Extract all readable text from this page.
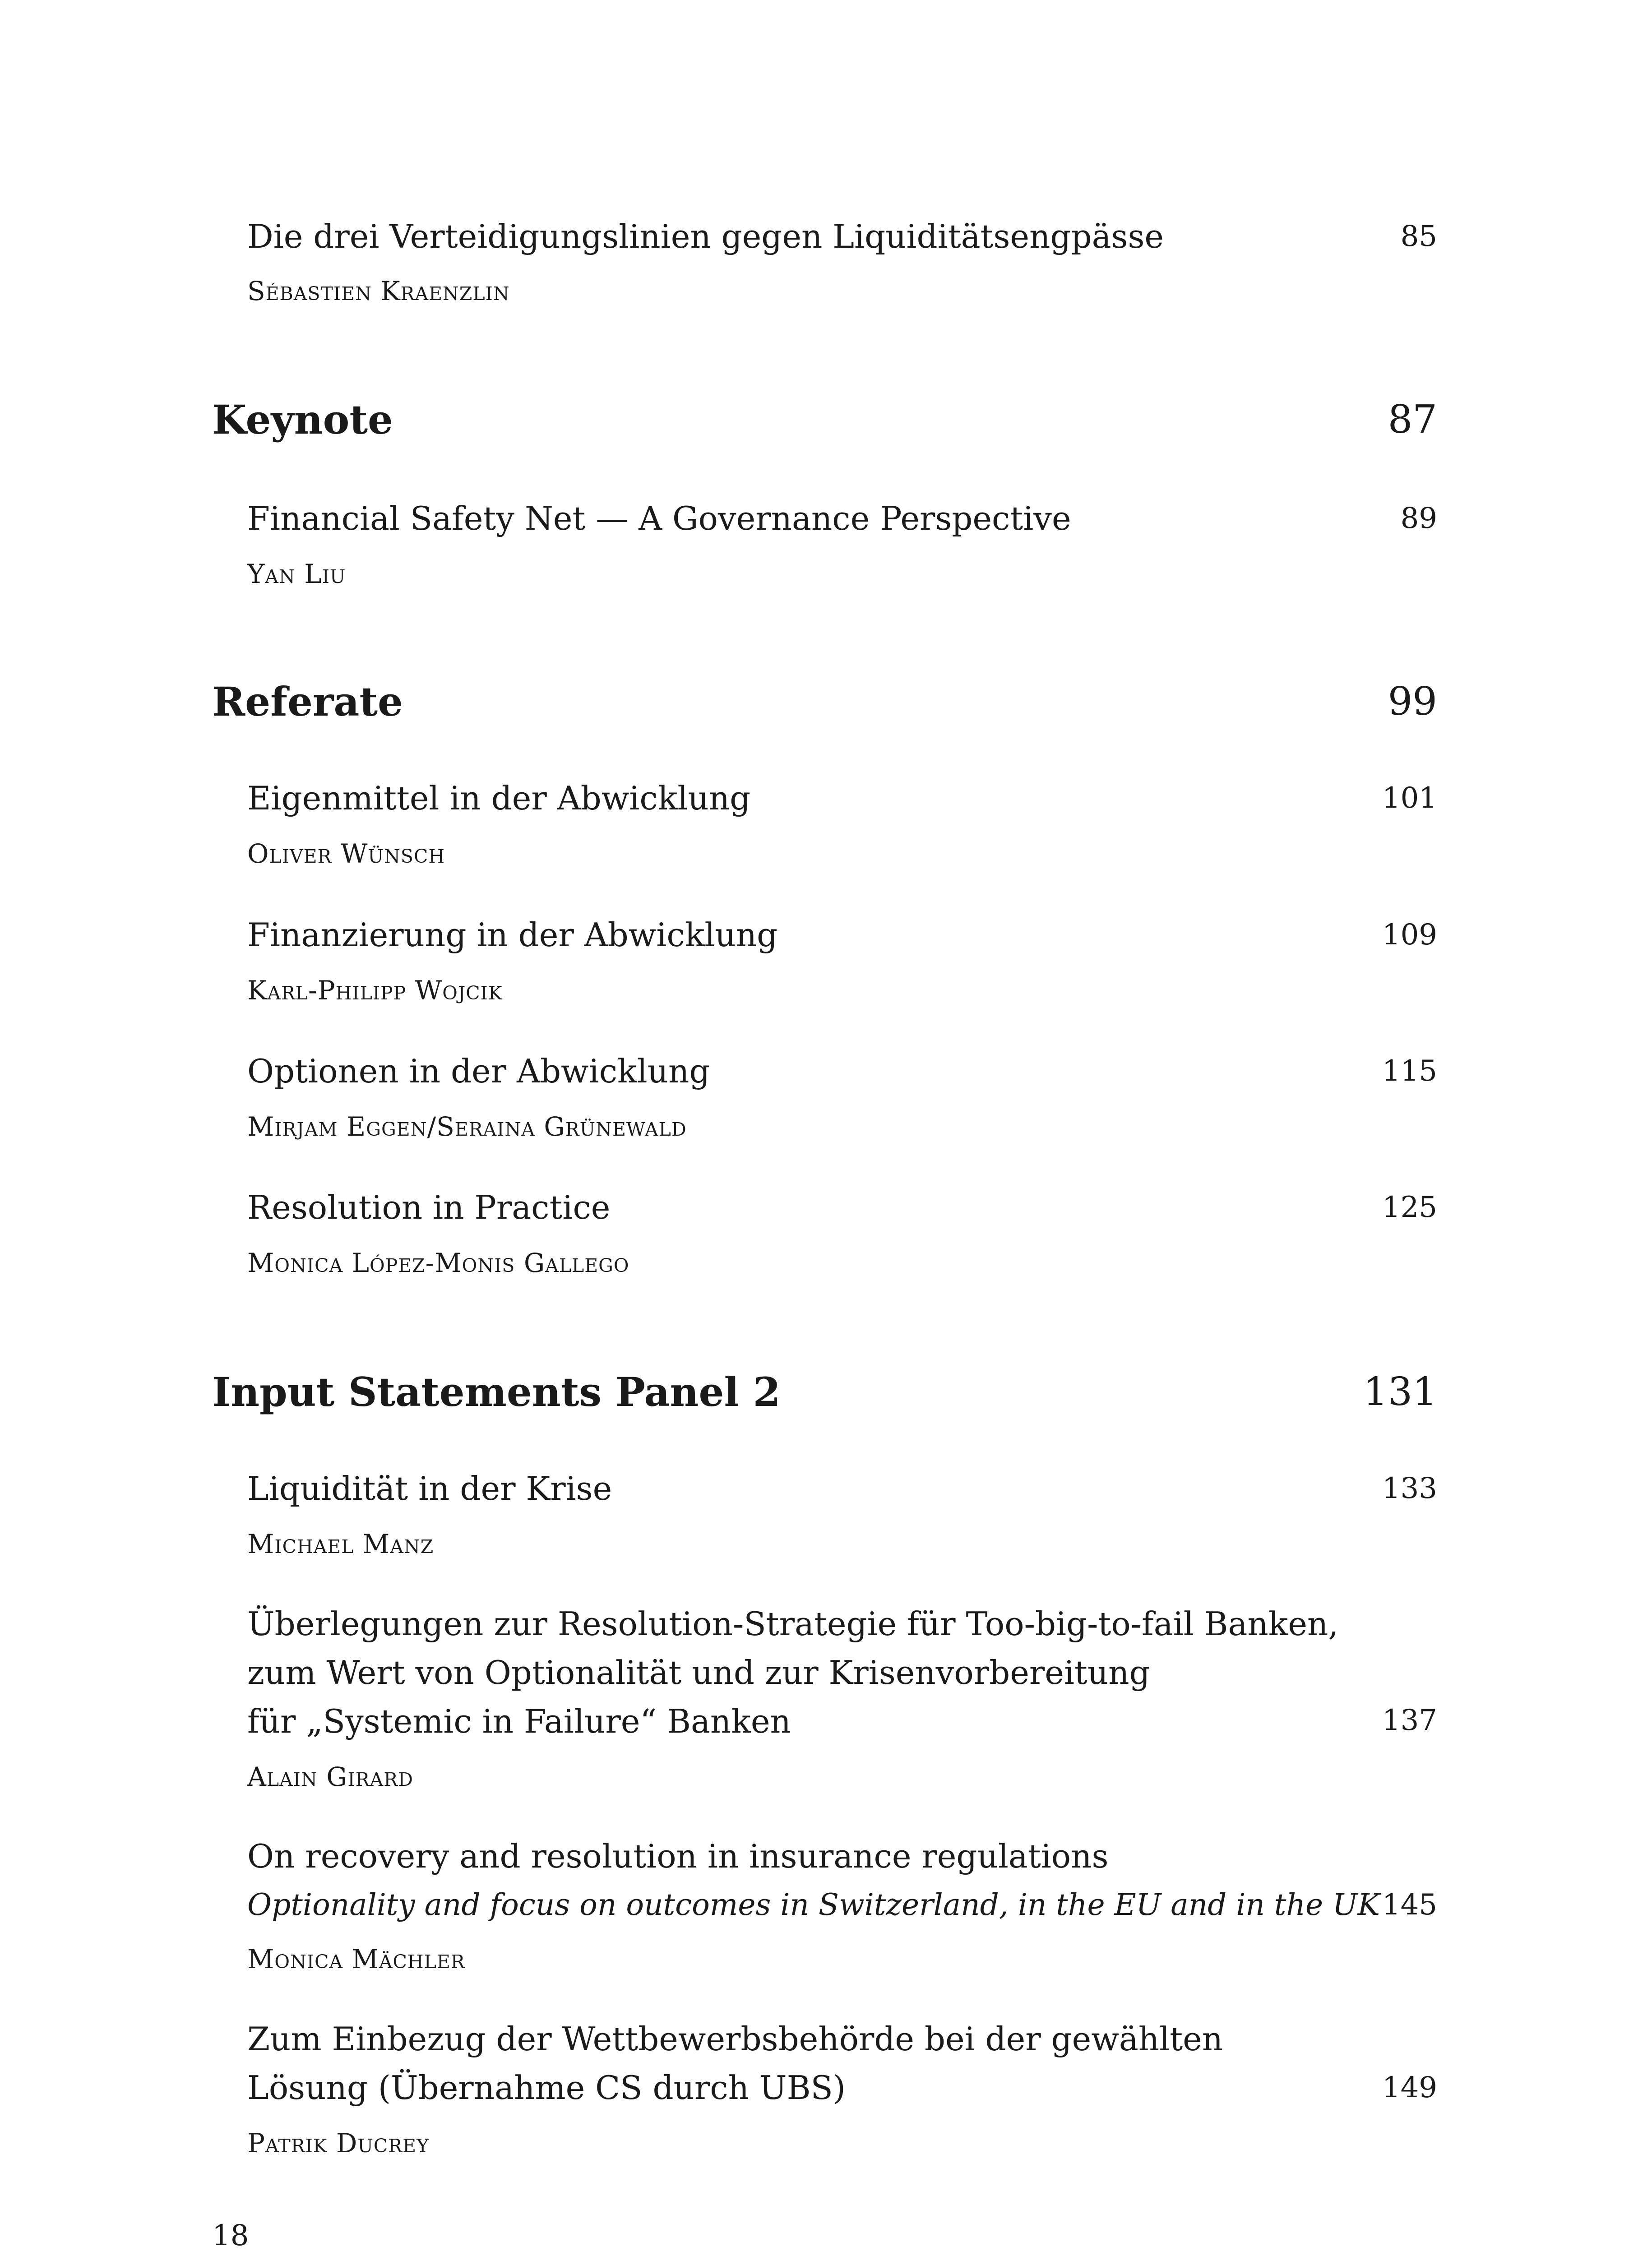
Die drei Verteidigungslinien gegen Liquiditätsengpässe	85
Sébastien Kraenzlin
Keynote	87
Financial Safety Net — A Governance Perspective	89
Yan Liu
Referate	99
Eigenmittel in der Abwicklung	101
Oliver Wünsch
Finanzierung in der Abwicklung	109
Karl-Philipp Wojcik
Optionen in der Abwicklung	115
Mirjam Eggen/Seraina Grünewald
Resolution in Practice	125
Monica López-Monis Gallego
Input Statements Panel 2	131
Liquidität in der Krise	133
Michael Manz
Überlegungen zur Resolution-Strategie für Too-big-to-fail Banken,
zum Wert von Optionalität und zur Krisenvorbereitung
für „Systemic in Failure“ Banken	137
Alain Girard
On recovery and resolution in insurance regulations
Optionality and focus on outcomes in Switzerland, in the EU and in the UK 145
Monica Mächler
Zum Einbezug der Wettbewerbsbehörde bei der gewählten
Lösung (Übernahme CS durch UBS)	149
Patrik Ducrey
18
